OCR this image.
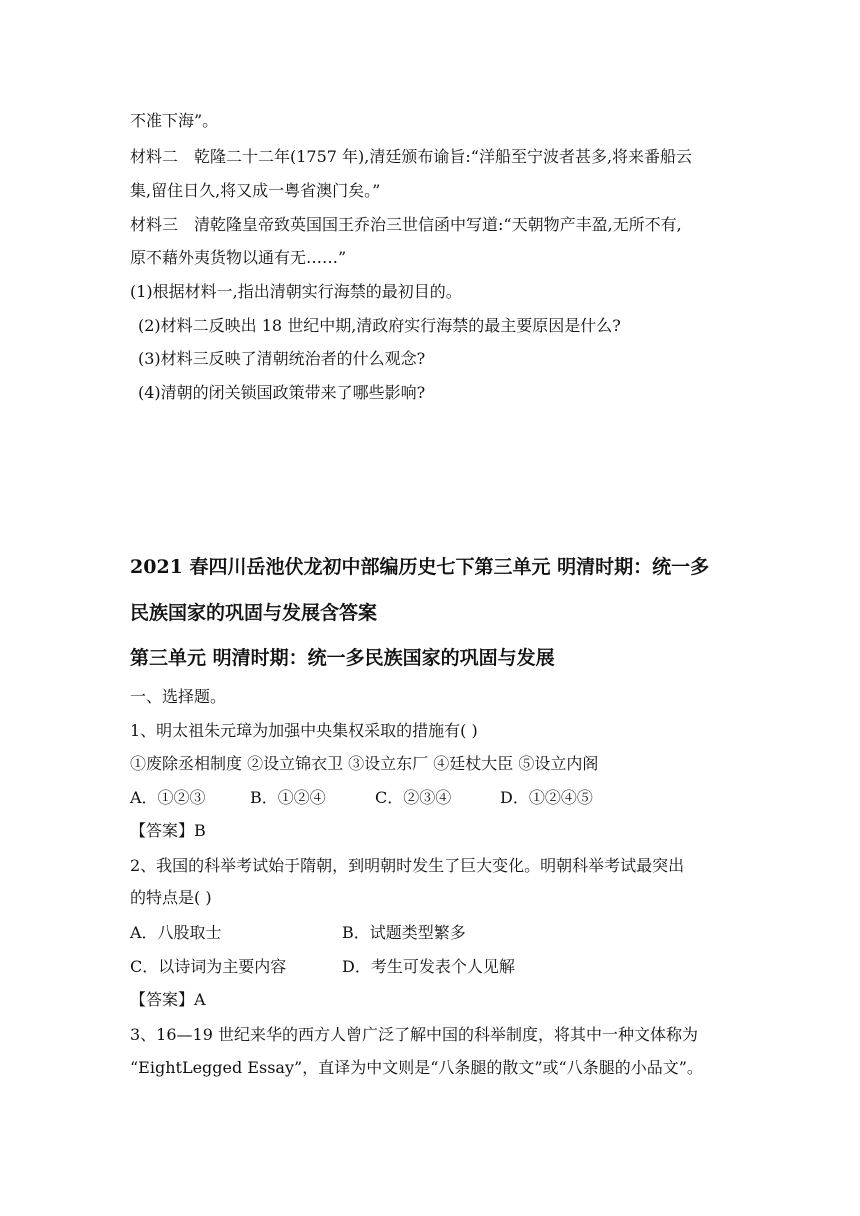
不准下海”。
材料二　乾隆二十二年(1757 年),清廷颁布谕旨:“洋船至宁波者甚多,将来番船云
集,留住日久,将又成一粤省澳门矣。”
材料三　清乾隆皇帝致英国国王乔治三世信函中写道:“天朝物产丰盈,无所不有,
原不藉外夷货物以通有无……”
(1)根据材料一,指出清朝实行海禁的最初目的。
(2)材料二反映出 18 世纪中期,清政府实行海禁的最主要原因是什么?
(3)材料三反映了清朝统治者的什么观念?
(4)清朝的闭关锁国政策带来了哪些影响?
2021 春四川岳池伏龙初中部编历史七下第三单元 明清时期：统一多
民族国家的巩固与发展含答案
第三单元 明清时期：统一多民族国家的巩固与发展
一、选择题。
1、明太祖朱元璋为加强中央集权采取的措施有( )
①废除丞相制度 ②设立锦衣卫 ③设立东厂 ④廷杖大臣 ⑤设立内阁
A．①②③	B．①②④	C．②③④	D．①②④⑤
【答案】B
2、我国的科举考试始于隋朝，到明朝时发生了巨大变化。明朝科举考试最突出
的特点是( )
A．八股取士	B．试题类型繁多
C．以诗词为主要内容	D．考生可发表个人见解
【答案】A
3、16—19 世纪来华的西方人曾广泛了解中国的科举制度，将其中一种文体称为
“EightLegged Essay”，直译为中文则是“八条腿的散文”或“八条腿的小品文”。
